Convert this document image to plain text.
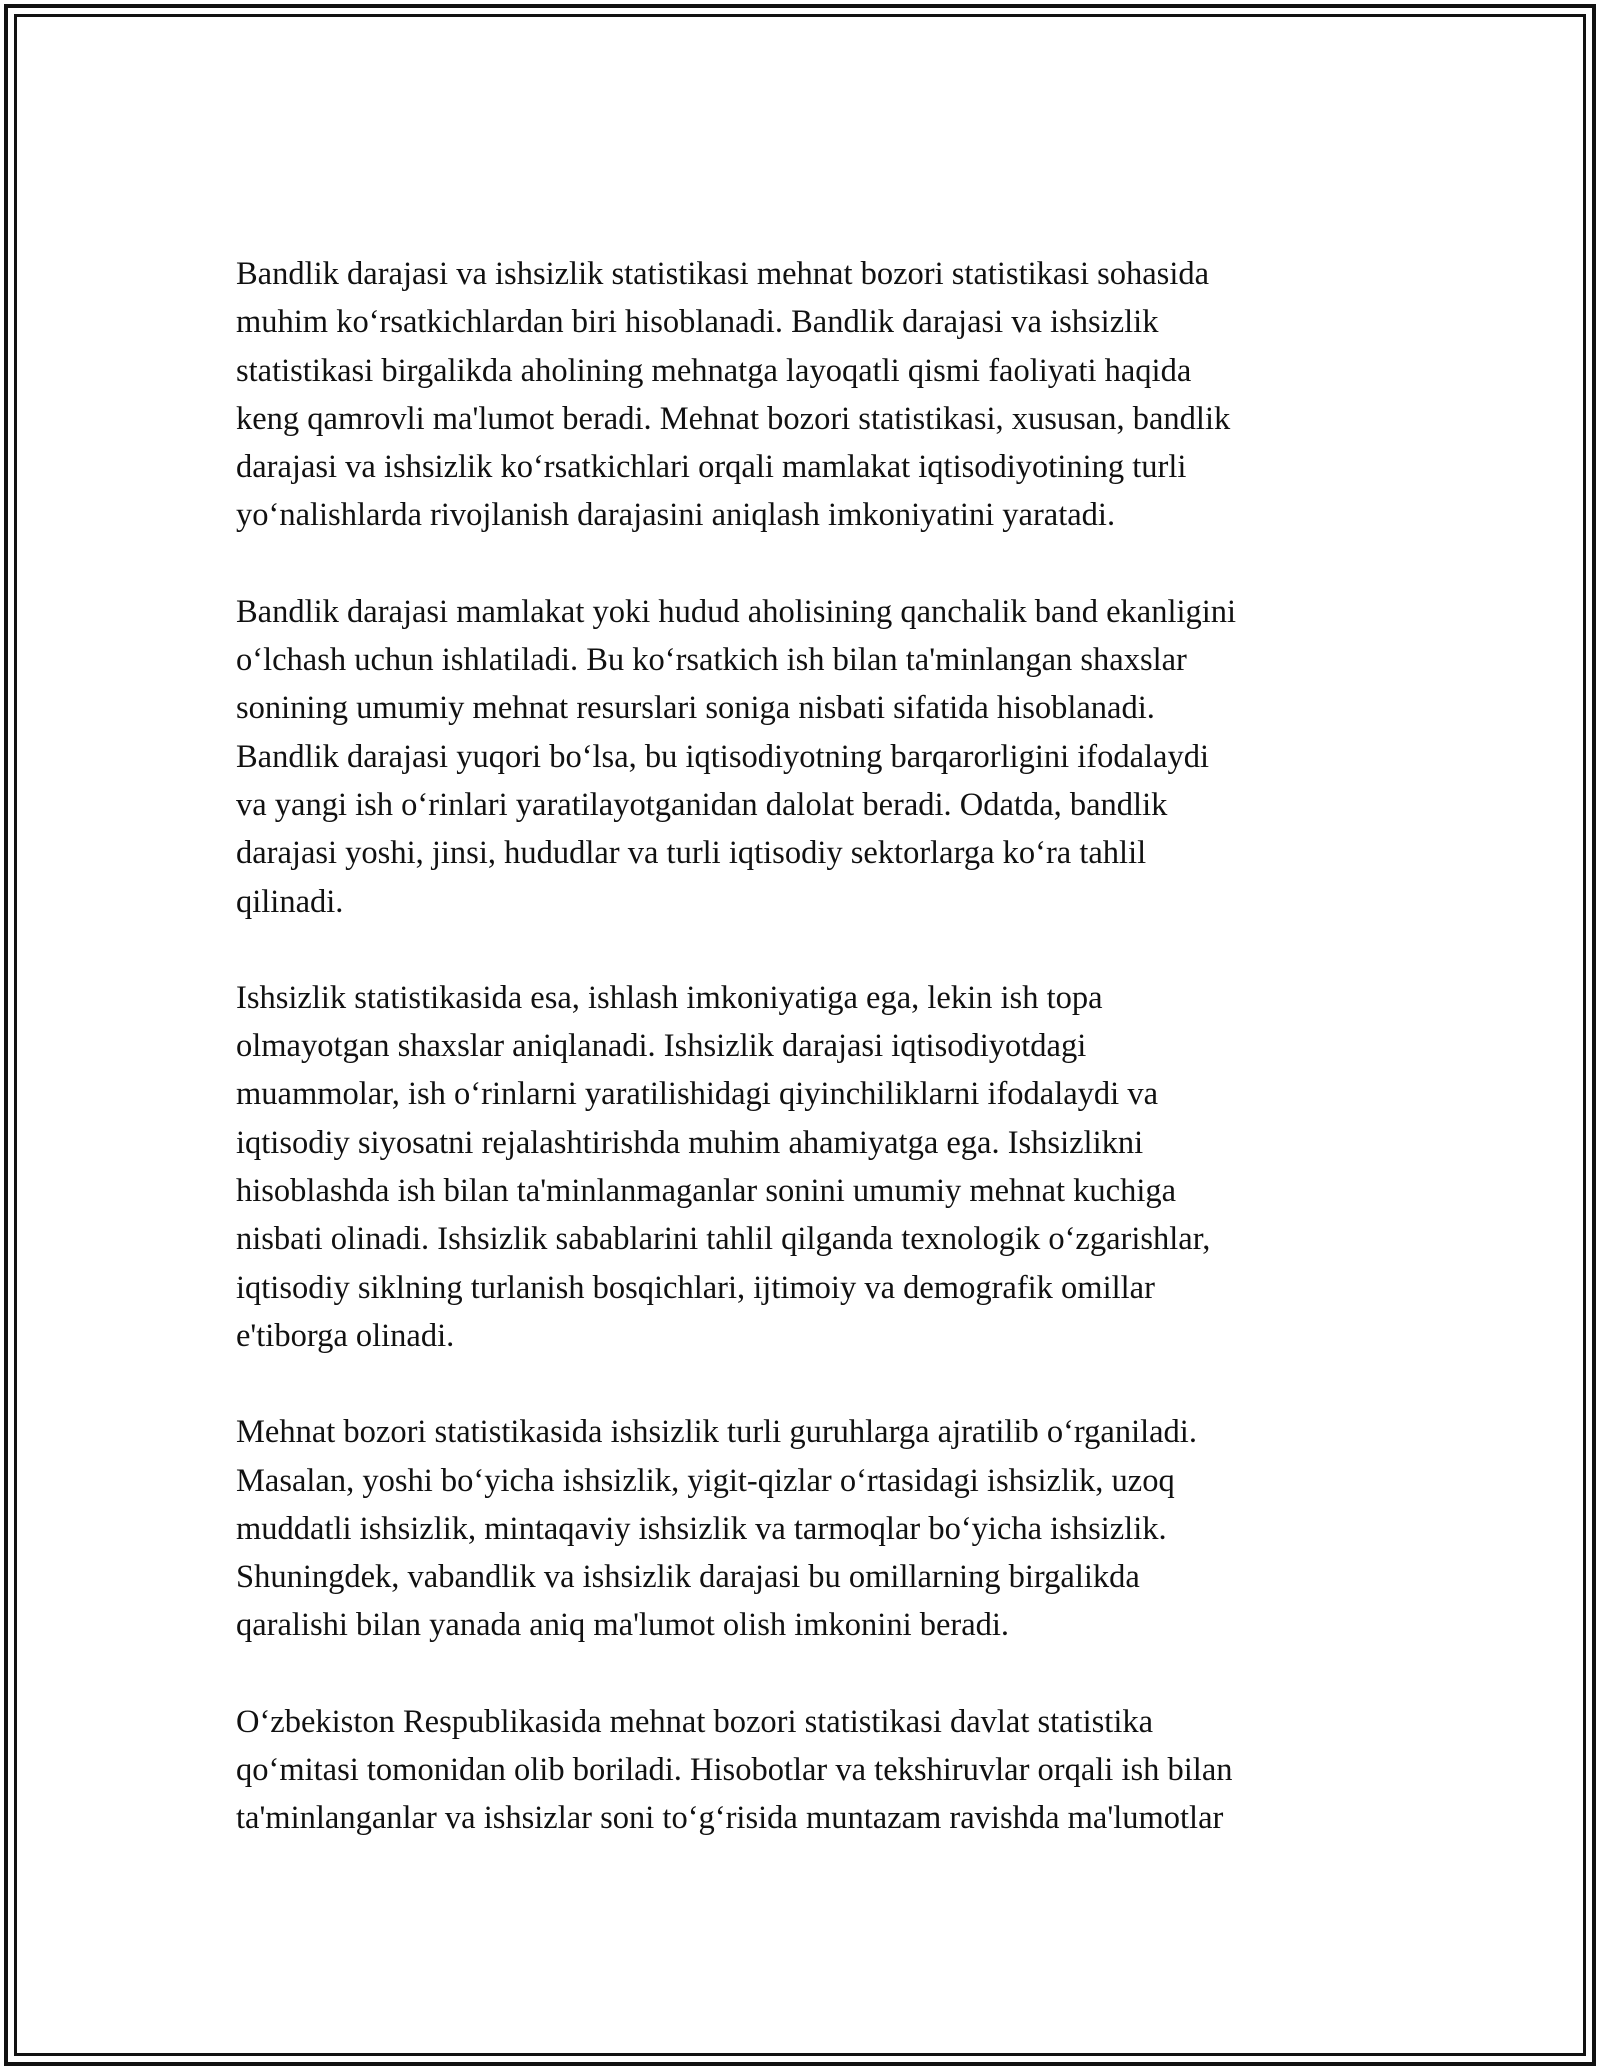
Bandlik darajasi va ishsizlik statistikasi mehnat bozori statistikasi sohasida
muhim ko‘rsatkichlardan biri hisoblanadi. Bandlik darajasi va ishsizlik
statistikasi birgalikda aholining mehnatga layoqatli qismi faoliyati haqida
keng qamrovli ma'lumot beradi. Mehnat bozori statistikasi, xususan, bandlik
darajasi va ishsizlik ko‘rsatkichlari orqali mamlakat iqtisodiyotining turli
yo‘nalishlarda rivojlanish darajasini aniqlash imkoniyatini yaratadi.

Bandlik darajasi mamlakat yoki hudud aholisining qanchalik band ekanligini
o‘lchash uchun ishlatiladi. Bu ko‘rsatkich ish bilan ta'minlangan shaxslar
sonining umumiy mehnat resurslari soniga nisbati sifatida hisoblanadi.
Bandlik darajasi yuqori bo‘lsa, bu iqtisodiyotning barqarorligini ifodalaydi
va yangi ish o‘rinlari yaratilayotganidan dalolat beradi. Odatda, bandlik
darajasi yoshi, jinsi, hududlar va turli iqtisodiy sektorlarga ko‘ra tahlil
qilinadi.

Ishsizlik statistikasida esa, ishlash imkoniyatiga ega, lekin ish topa
olmayotgan shaxslar aniqlanadi. Ishsizlik darajasi iqtisodiyotdagi
muammolar, ish o‘rinlarni yaratilishidagi qiyinchiliklarni ifodalaydi va
iqtisodiy siyosatni rejalashtirishda muhim ahamiyatga ega. Ishsizlikni
hisoblashda ish bilan ta'minlanmaganlar sonini umumiy mehnat kuchiga
nisbati olinadi. Ishsizlik sabablarini tahlil qilganda texnologik o‘zgarishlar,
iqtisodiy siklning turlanish bosqichlari, ijtimoiy va demografik omillar
e'tiborga olinadi.

Mehnat bozori statistikasida ishsizlik turli guruhlarga ajratilib o‘rganiladi.
Masalan, yoshi bo‘yicha ishsizlik, yigit-qizlar o‘rtasidagi ishsizlik, uzoq
muddatli ishsizlik, mintaqaviy ishsizlik va tarmoqlar bo‘yicha ishsizlik.
Shuningdek, vabandlik va ishsizlik darajasi bu omillarning birgalikda
qaralishi bilan yanada aniq ma'lumot olish imkonini beradi.

O‘zbekiston Respublikasida mehnat bozori statistikasi davlat statistika
qo‘mitasi tomonidan olib boriladi. Hisobotlar va tekshiruvlar orqali ish bilan
ta'minlanganlar va ishsizlar soni to‘g‘risida muntazam ravishda ma'lumotlar
